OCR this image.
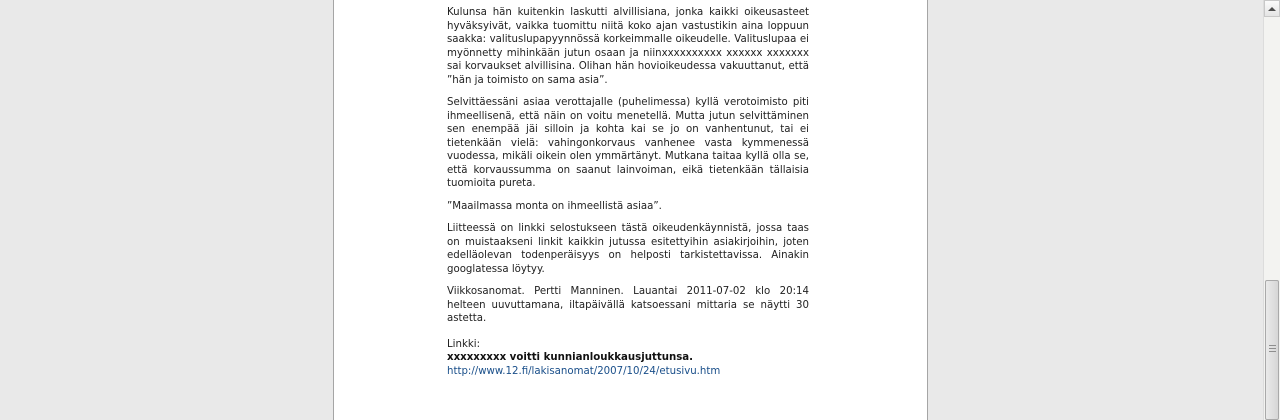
Kulunsa hän kuitenkin laskutti alvillisiana, jonka kaikki oikeusasteet hyväksyivät, vaikka tuomittu niitä koko ajan vastustikin aina loppuun saakka: valituslupapyynnössä korkeimmalle oikeudelle. Valituslupaa ei myönnetty mihinkään jutun osaan ja niinxxxxxxxxxx xxxxxx xxxxxxx sai korvaukset alvillisina. Olihan hän hovioikeudessa vakuuttanut, että ”hän ja toimisto on sama asia”.

Selvittäessäni asiaa verottajalle (puhelimessa) kyllä verotoimisto piti ihmeellisenä, että näin on voitu menetellä. Mutta jutun selvittäminen sen enempää jäi silloin ja kohta kai se jo on vanhentunut, tai ei tietenkään vielä: vahingonkorvaus vanhenee vasta kymmenessä vuodessa, mikäli oikein olen ymmärtänyt. Mutkana taitaa kyllä olla se, että korvaussumma on saanut lainvoiman, eikä tietenkään tällaisia tuomioita pureta.

”Maailmassa monta on ihmeellistä asiaa”.

Liitteessä on linkki selostukseen tästä oikeudenkäynnistä, jossa taas on muistaakseni linkit kaikkin jutussa esitettyihin asiakirjoihin, joten edelläolevan todenperäisyys on helposti tarkistettavissa. Ainakin googlatessa löytyy.

Viikkosanomat. Pertti Manninen. Lauantai 2011-07-02 klo 20:14 helteen uuvuttamana, iltapäivällä katsoessani mittaria se näytti 30 astetta.

Linkki:
xxxxxxxxx voitti kunnianloukkausjuttunsa.
http://www.12.fi/lakisanomat/2007/10/24/etusivu.htm
